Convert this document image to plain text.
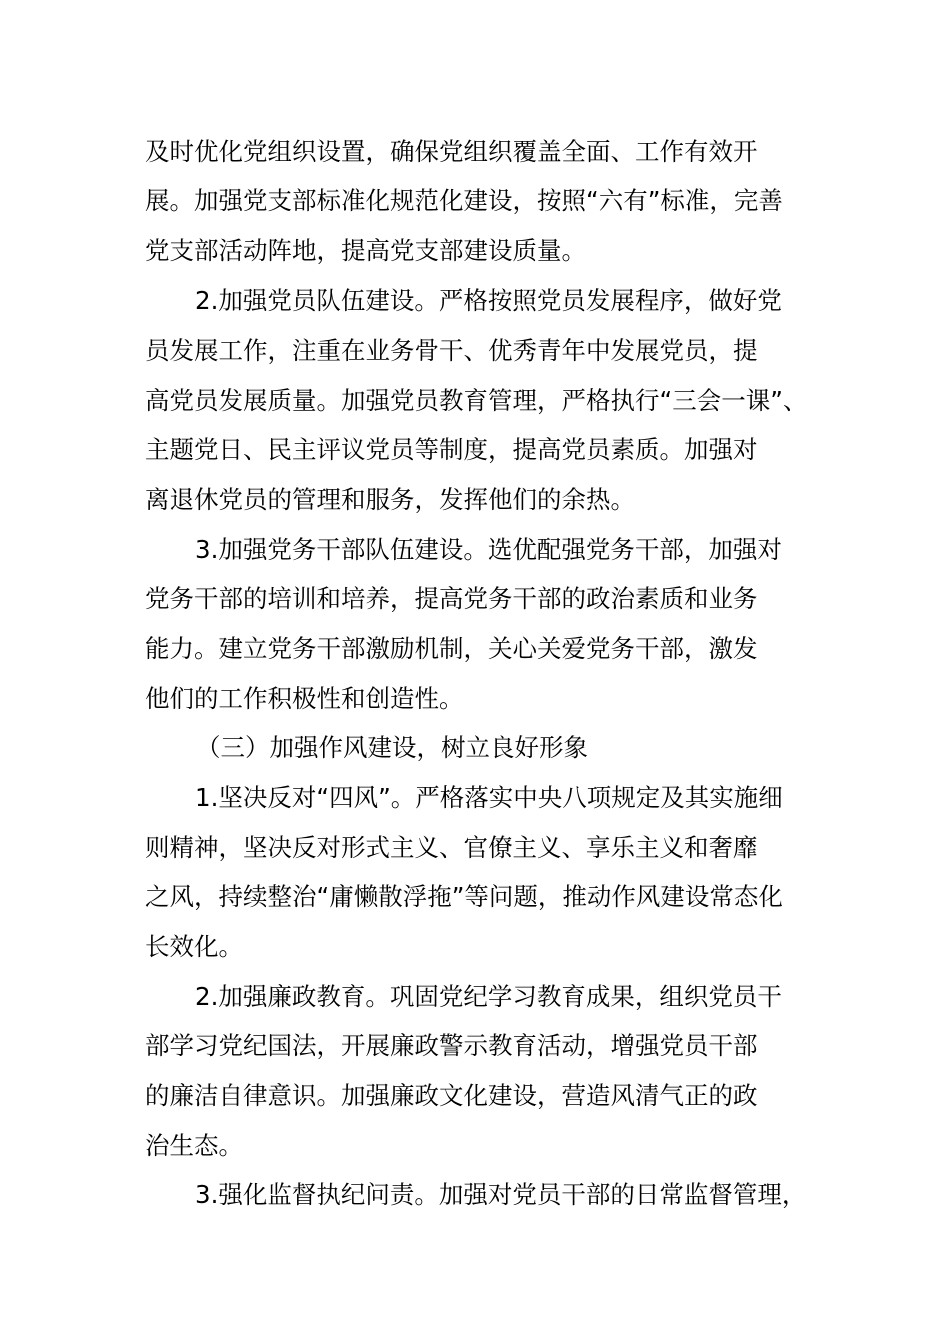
及时优化党组织设置，确保党组织覆盖全面、工作有效开
展。加强党支部标准化规范化建设，按照“六有”标准，完善
党支部活动阵地，提高党支部建设质量。
2.加强党员队伍建设。严格按照党员发展程序，做好党
员发展工作，注重在业务骨干、优秀青年中发展党员，提
高党员发展质量。加强党员教育管理，严格执行“三会一课”、
主题党日、民主评议党员等制度，提高党员素质。加强对
离退休党员的管理和服务，发挥他们的余热。
3.加强党务干部队伍建设。选优配强党务干部，加强对
党务干部的培训和培养，提高党务干部的政治素质和业务
能力。建立党务干部激励机制，关心关爱党务干部，激发
他们的工作积极性和创造性。
（三）加强作风建设，树立良好形象
1.坚决反对“四风”。严格落实中央八项规定及其实施细
则精神，坚决反对形式主义、官僚主义、享乐主义和奢靡
之风，持续整治“庸懒散浮拖”等问题，推动作风建设常态化
长效化。
2.加强廉政教育。巩固党纪学习教育成果，组织党员干
部学习党纪国法，开展廉政警示教育活动，增强党员干部
的廉洁自律意识。加强廉政文化建设，营造风清气正的政
治生态。
3.强化监督执纪问责。加强对党员干部的日常监督管理，
